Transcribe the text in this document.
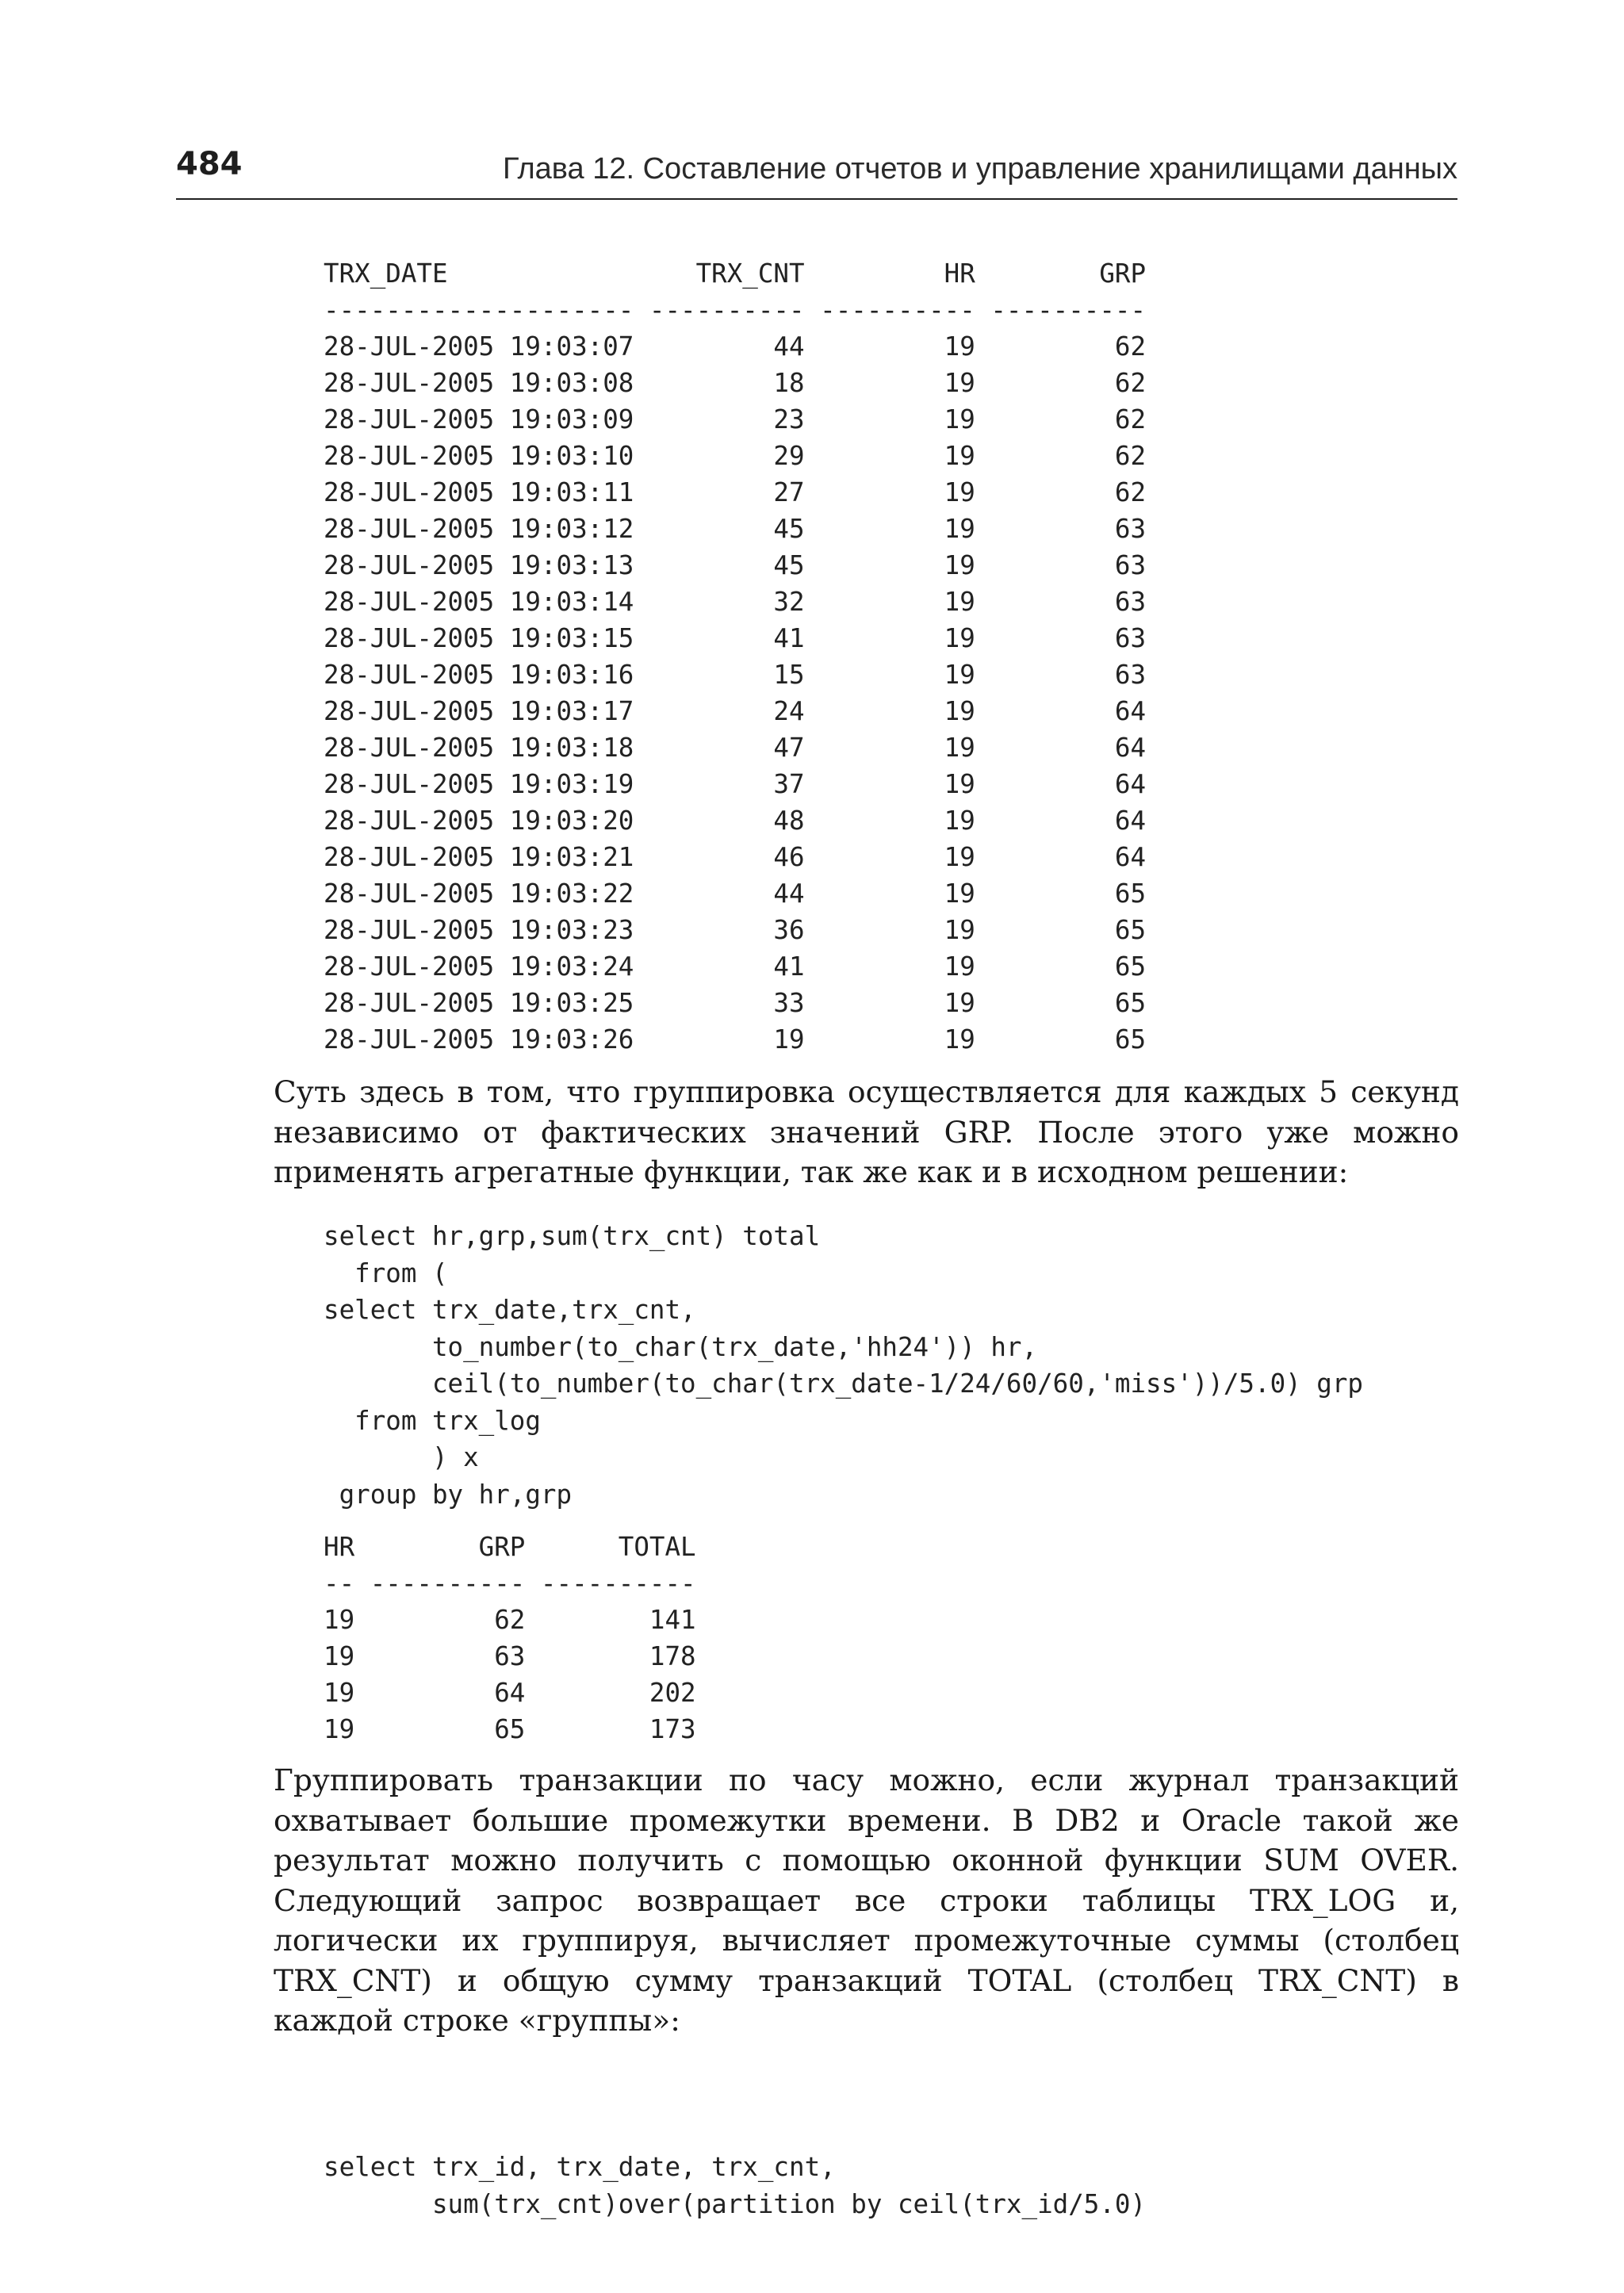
484	Глава 12. Составление отчетов и управление хранилищами данных
TRX_DATE                TRX_CNT         HR        GRP
-------------------- ---------- ---------- ----------
28-JUL-2005 19:03:07         44         19         62
28-JUL-2005 19:03:08         18         19         62
28-JUL-2005 19:03:09         23         19         62
28-JUL-2005 19:03:10         29         19         62
28-JUL-2005 19:03:11         27         19         62
28-JUL-2005 19:03:12         45         19         63
28-JUL-2005 19:03:13         45         19         63
28-JUL-2005 19:03:14         32         19         63
28-JUL-2005 19:03:15         41         19         63
28-JUL-2005 19:03:16         15         19         63
28-JUL-2005 19:03:17         24         19         64
28-JUL-2005 19:03:18         47         19         64
28-JUL-2005 19:03:19         37         19         64
28-JUL-2005 19:03:20         48         19         64
28-JUL-2005 19:03:21         46         19         64
28-JUL-2005 19:03:22         44         19         65
28-JUL-2005 19:03:23         36         19         65
28-JUL-2005 19:03:24         41         19         65
28-JUL-2005 19:03:25         33         19         65
28-JUL-2005 19:03:26         19         19         65

Суть здесь в том, что группировка осуществляется для каждых 5 секунд независимо от фактических значений GRP. После этого уже можно применять агрегатные функции, так же как и в исходном решении:

select hr,grp,sum(trx_cnt) total
from (
select trx_date,trx_cnt,
to_number(to_char(trx_date,'hh24')) hr,
ceil(to_number(to_char(trx_date-1/24/60/60,'miss'))/5.0) grp
from trx_log
) x
group by hr,grp
HR        GRP      TOTAL
-- ---------- ----------
19         62        141
19         63        178
19         64        202
19         65        173

Группировать транзакции по часу можно, если журнал транзакций охватывает большие промежутки времени. В DB2 и Oracle такой же результат можно получить с помощью оконной функции SUM OVER. Следующий запрос возвращает все строки таблицы TRX_LOG и, логически их группируя, вычисляет промежуточные суммы (столбец TRX_CNT) и общую сумму транзакций TOTAL (столбец TRX_CNT) в каждой строке «группы»:

select trx_id, trx_date, trx_cnt,
sum(trx_cnt)over(partition by ceil(trx_id/5.0)
